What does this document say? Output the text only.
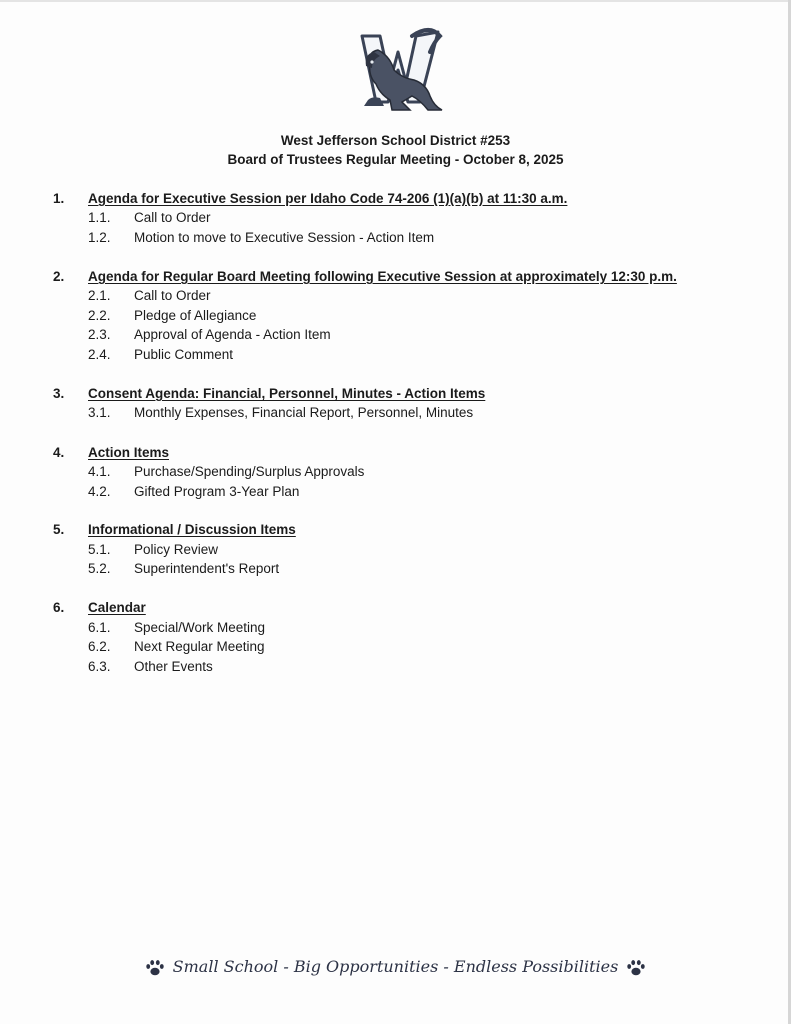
West Jefferson School District #253
Board of Trustees Regular Meeting - October 8, 2025
1. Agenda for Executive Session per Idaho Code 74-206 (1)(a)(b) at 11:30 a.m.
1.1. Call to Order
1.2. Motion to move to Executive Session - Action Item
2. Agenda for Regular Board Meeting following Executive Session at approximately 12:30 p.m.
2.1. Call to Order
2.2. Pledge of Allegiance
2.3. Approval of Agenda - Action Item
2.4. Public Comment
3. Consent Agenda: Financial, Personnel, Minutes - Action Items
3.1. Monthly Expenses, Financial Report, Personnel, Minutes
4. Action Items
4.1. Purchase/Spending/Surplus Approvals
4.2. Gifted Program 3-Year Plan
5. Informational / Discussion Items
5.1. Policy Review
5.2. Superintendent's Report
6. Calendar
6.1. Special/Work Meeting
6.2. Next Regular Meeting
6.3. Other Events
Small School - Big Opportunities - Endless Possibilities
